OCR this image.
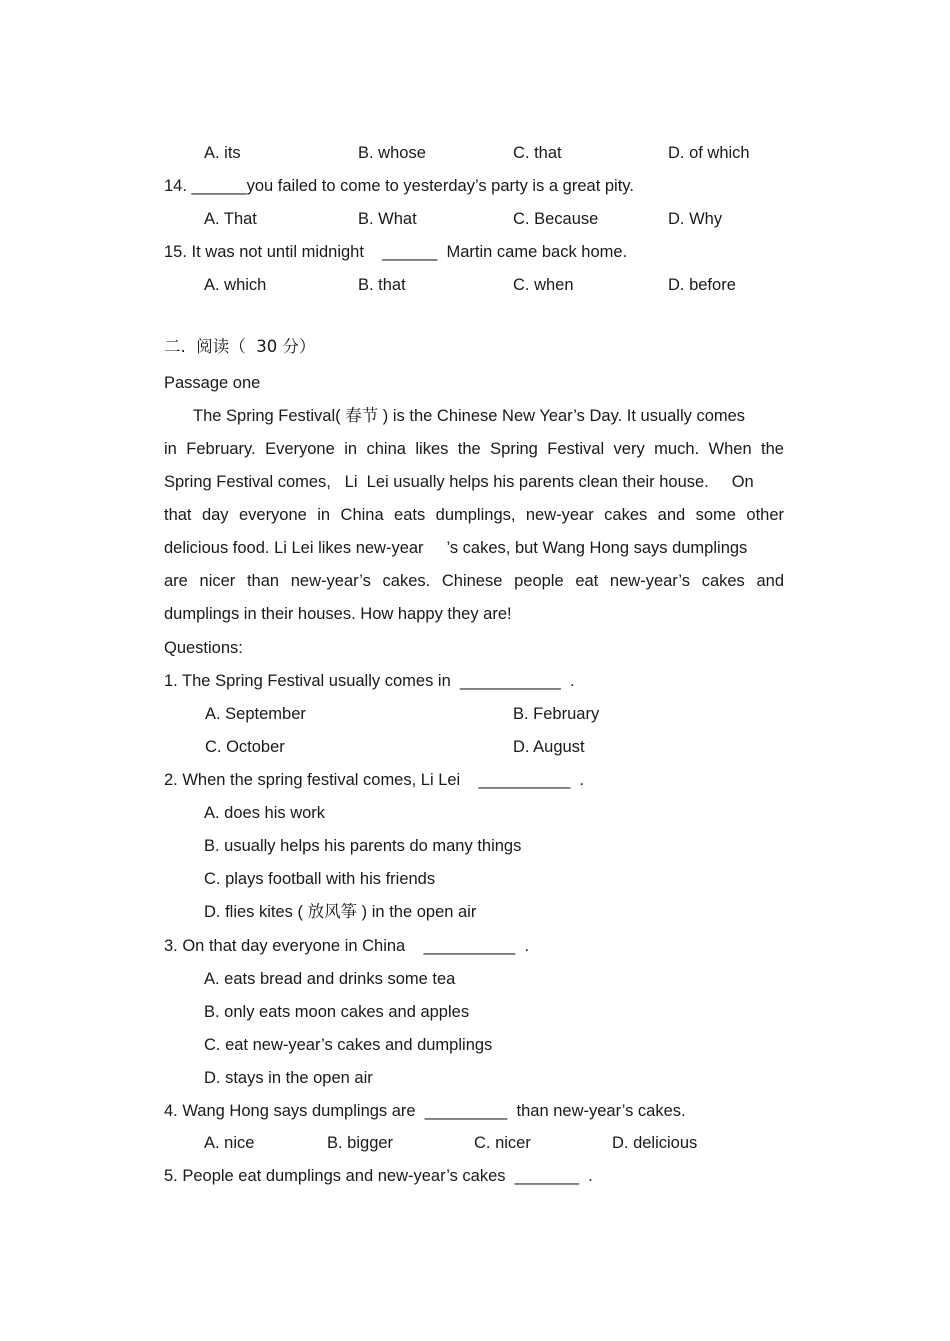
A. its	B. whose	C. that	D. of which
14. ______you failed to come to yesterday’s party is a great pity.
A. That	B. What	C. Because	D. Why
15. It was not until midnight    ______  Martin came back home.
A. which	B. that	C. when	D. before
二.  阅读（  30 分）
Passage one
The Spring Festival( 春节 ) is the Chinese New Year’s Day. It usually comes
in February. Everyone in china likes the Spring Festival very much. When the
Spring Festival comes,   Li  Lei usually helps his parents clean their house.     On
that day everyone in China eats dumplings, new-year cakes and some other
delicious food. Li Lei likes new-year     ’s cakes, but Wang Hong says dumplings
are nicer than new-year’s cakes. Chinese people eat new-year’s cakes and
dumplings in their houses. How happy they are!
Questions:
1. The Spring Festival usually comes in  ___________  .
A. September	B. February
C. October	D. August
2. When the spring festival comes, Li Lei    __________  .
A. does his work
B. usually helps his parents do many things
C. plays football with his friends
D. flies kites ( 放风筝 ) in the open air
3. On that day everyone in China    __________  .
A. eats bread and drinks some tea
B. only eats moon cakes and apples
C. eat new-year’s cakes and dumplings
D. stays in the open air
4. Wang Hong says dumplings are  _________  than new-year’s cakes.
A. nice	B. bigger	C. nicer	D. delicious
5. People eat dumplings and new-year’s cakes  _______  .
